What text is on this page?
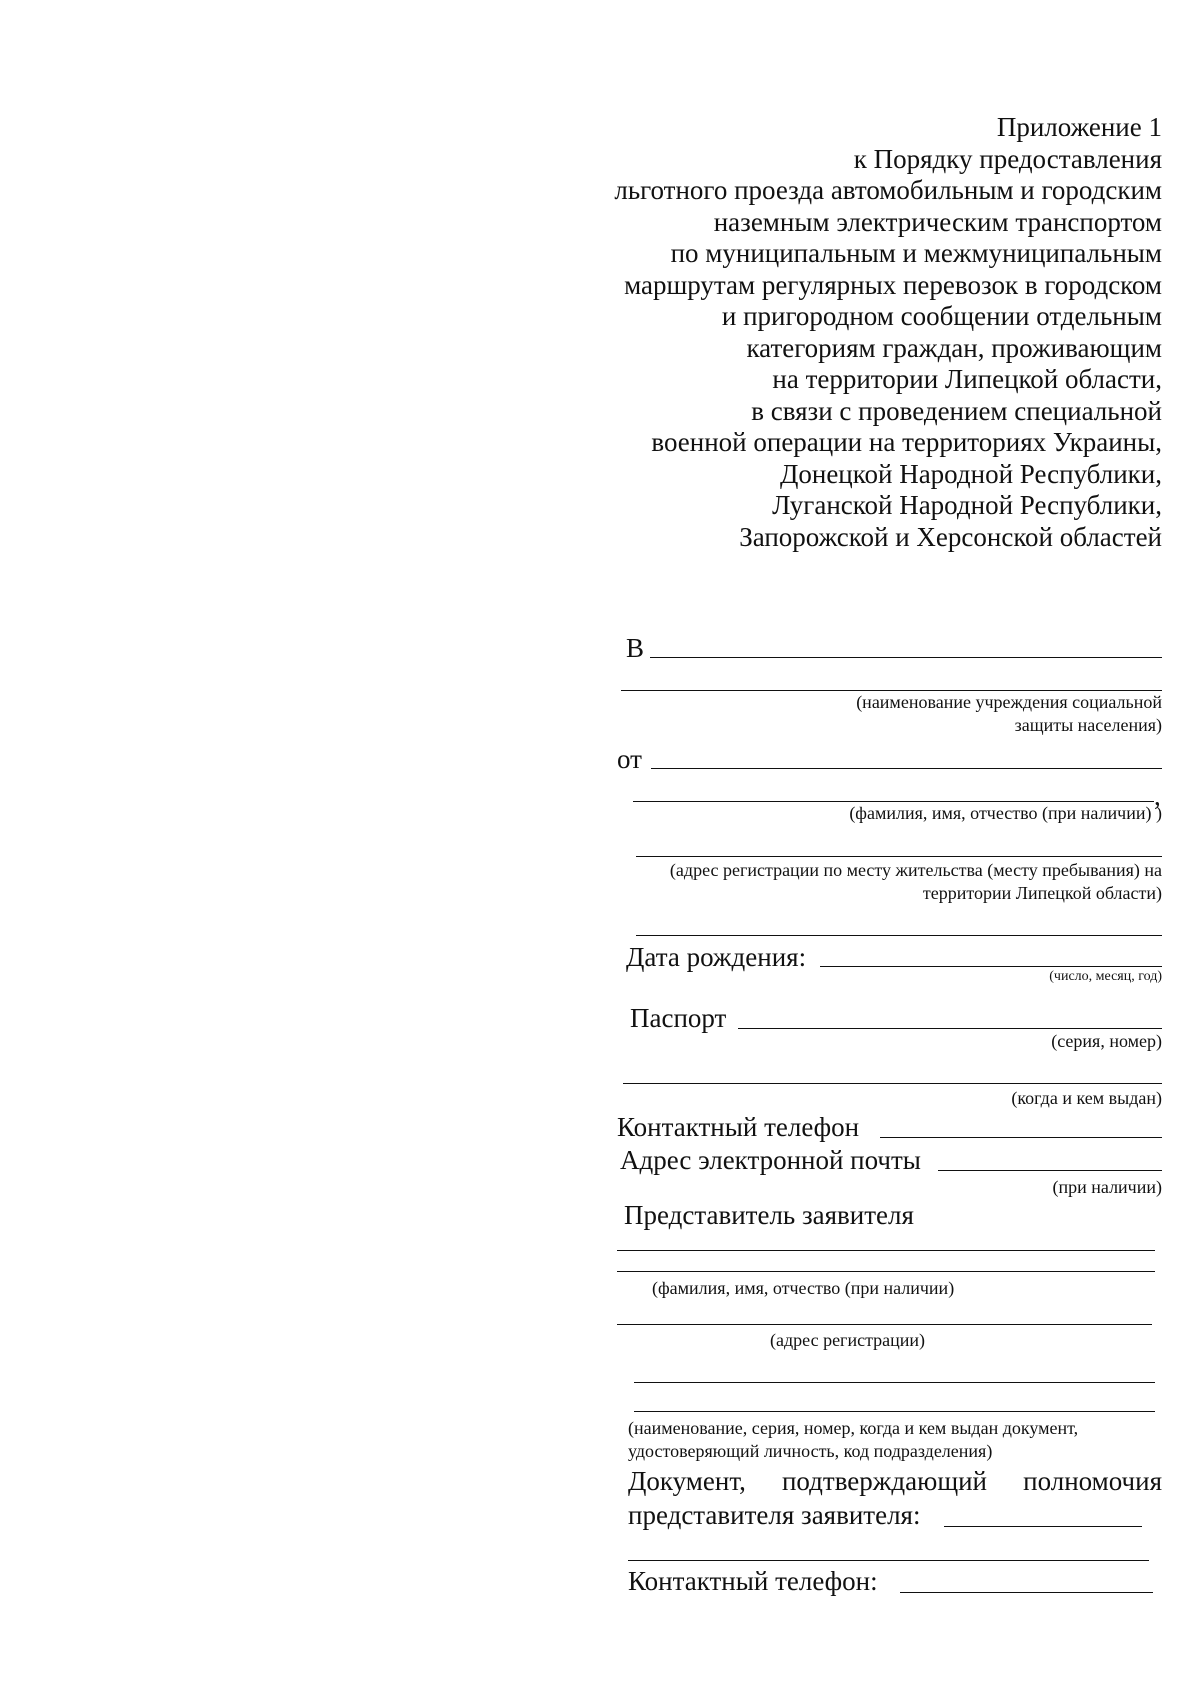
Приложение 1
к Порядку предоставления
льготного проезда автомобильным и городским
наземным электрическим транспортом
по муниципальным и межмуниципальным
маршрутам регулярных перевозок в городском
и пригородном сообщении отдельным
категориям граждан, проживающим
на территории Липецкой области,
в связи с проведением специальной
военной операции на территориях Украины,
Донецкой Народной Республики,
Луганской Народной Республики,
Запорожской и Херсонской областей
В
(наименование учреждения социальной
защиты населения)
от
,
(фамилия, имя, отчество (при наличии) )
(адрес регистрации по месту жительства (месту пребывания) на
территории Липецкой области)
Дата рождения:
(число, месяц, год)
Паспорт
(серия, номер)
(когда и кем выдан)
Контактный телефон
Адрес электронной почты
(при наличии)
Представитель заявителя
(фамилия, имя, отчество (при наличии)
(адрес регистрации)
(наименование, серия, номер, когда и кем выдан документ,
удостоверяющий личность, код подразделения)
Документ, подтверждающий полномочия
представителя заявителя:
Контактный телефон:
